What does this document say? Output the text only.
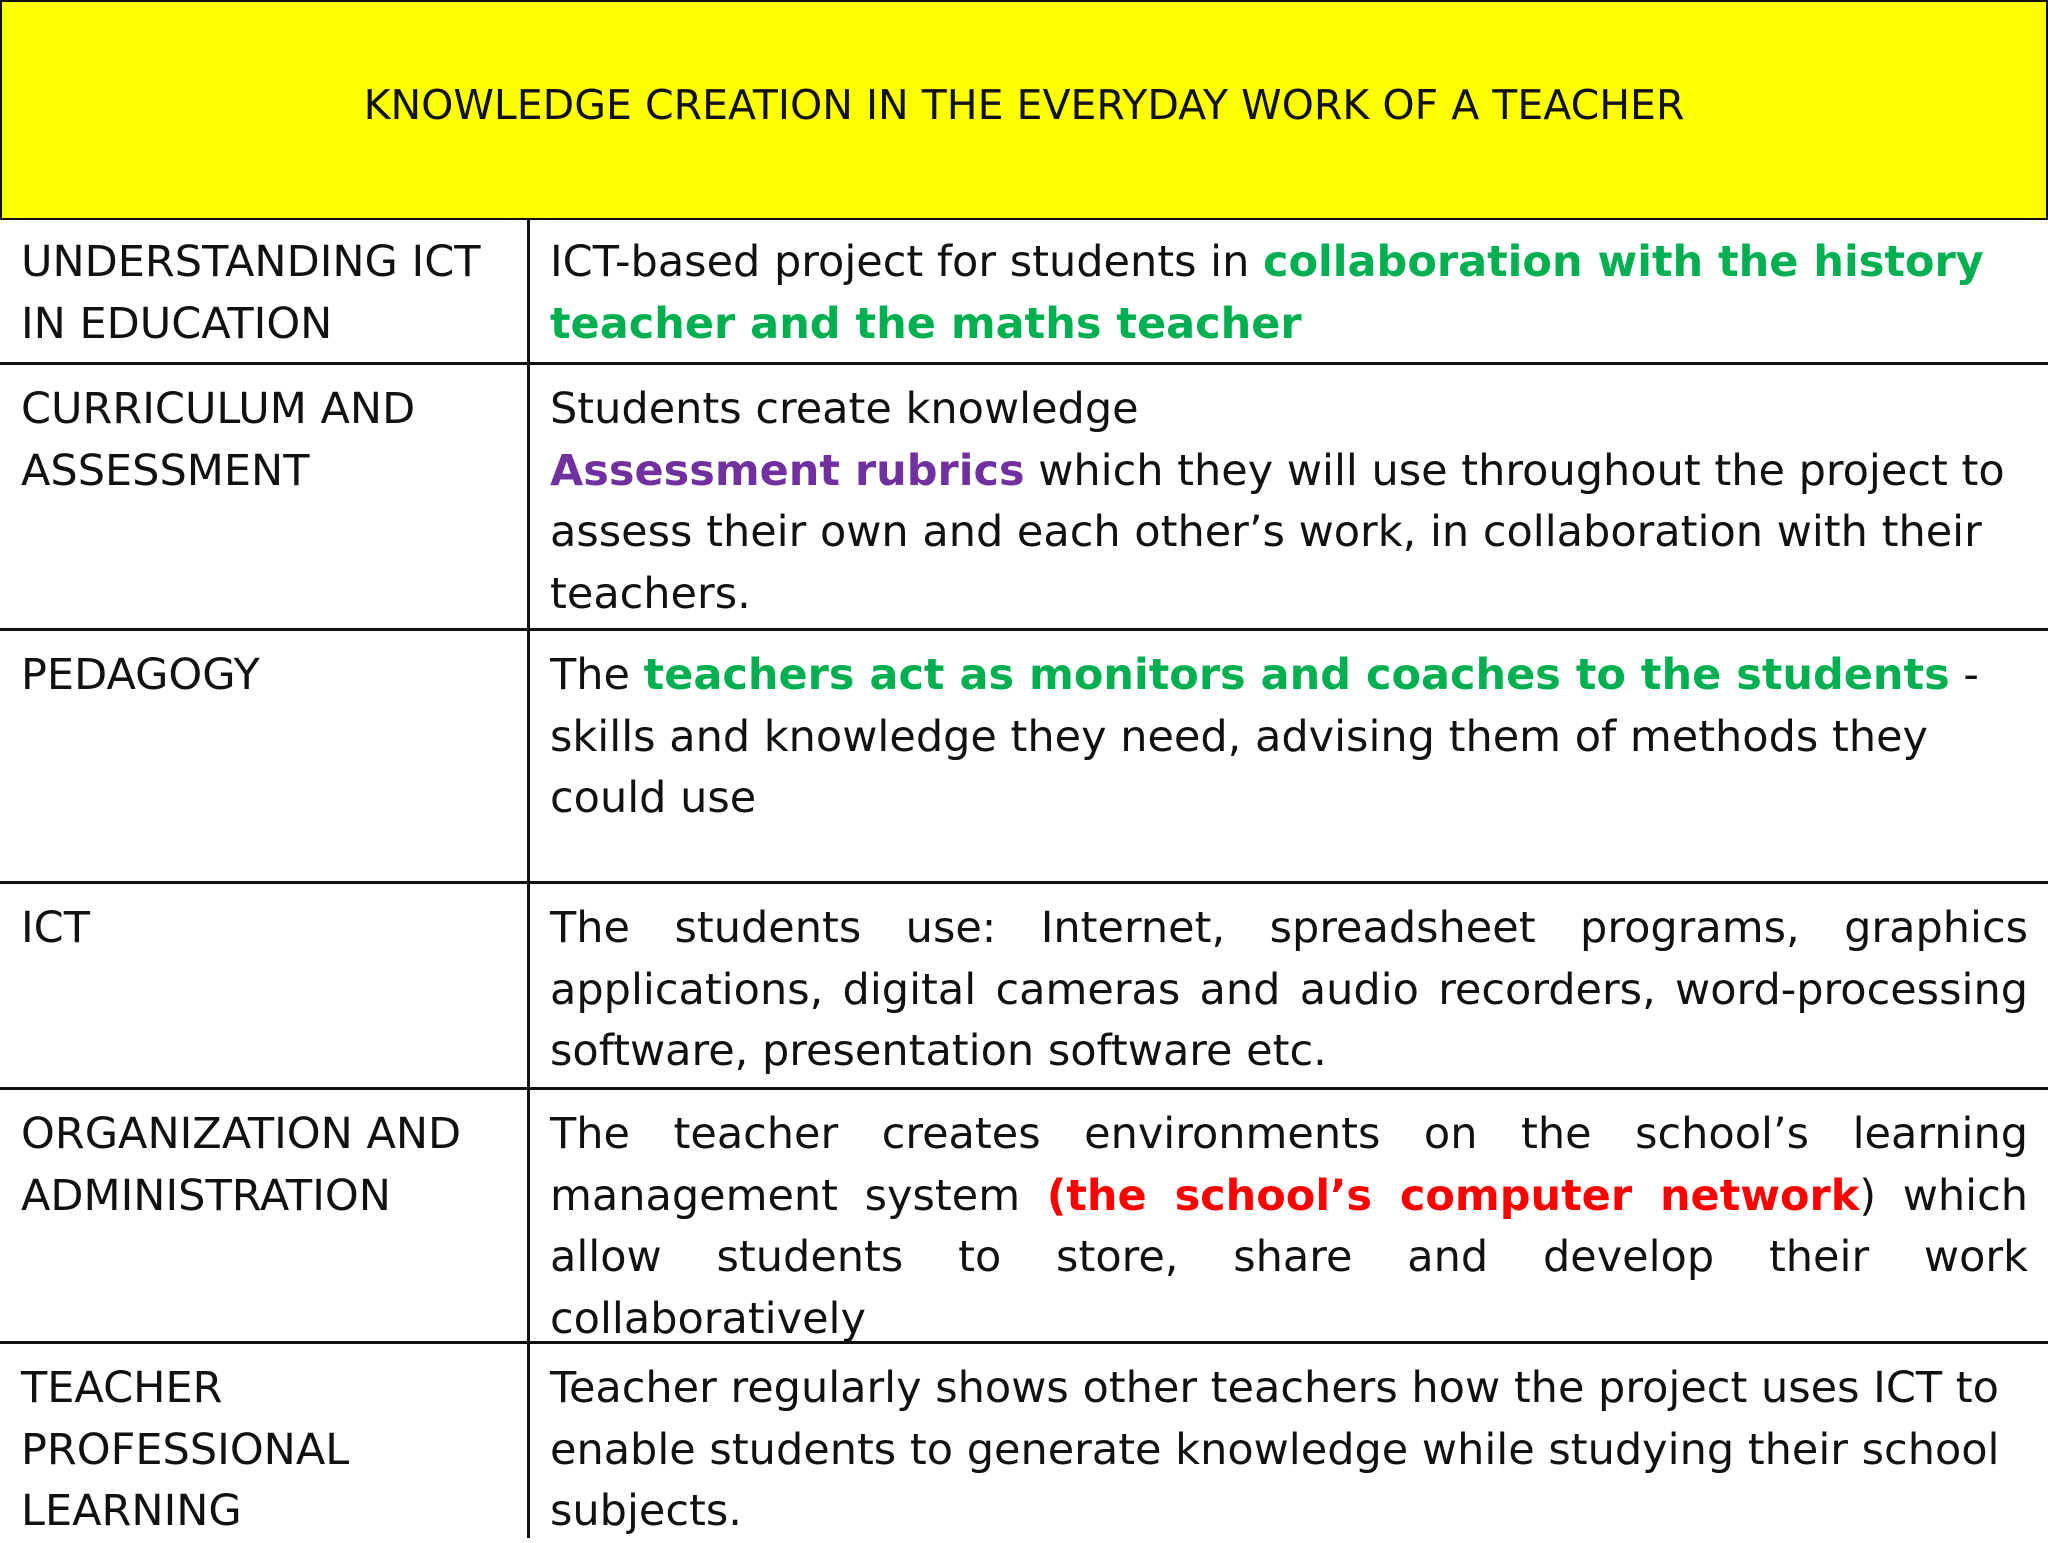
KNOWLEDGE CREATION IN THE EVERYDAY WORK OF A TEACHER
UNDERSTANDING ICT IN EDUCATION
ICT-based project for students in collaboration with the history teacher and the maths teacher
CURRICULUM AND ASSESSMENT
Students create knowledge
Assessment rubrics which they will use throughout the project to assess their own and each other’s work, in collaboration with their teachers.
PEDAGOGY	The teachers act as monitors and coaches to the students - skills and knowledge they need, advising them of methods they could use
ICT	The students use: Internet, spreadsheet programs, graphics applications, digital cameras and audio recorders, word-processing software, presentation software etc.
ORGANIZATION AND ADMINISTRATION
The teacher creates environments on the school’s learning management system (the school’s computer network) which allow students to store, share and develop their work collaboratively
TEACHER PROFESSIONAL LEARNING
Teacher regularly shows other teachers how the project uses ICT to enable students to generate knowledge while studying their school subjects.
